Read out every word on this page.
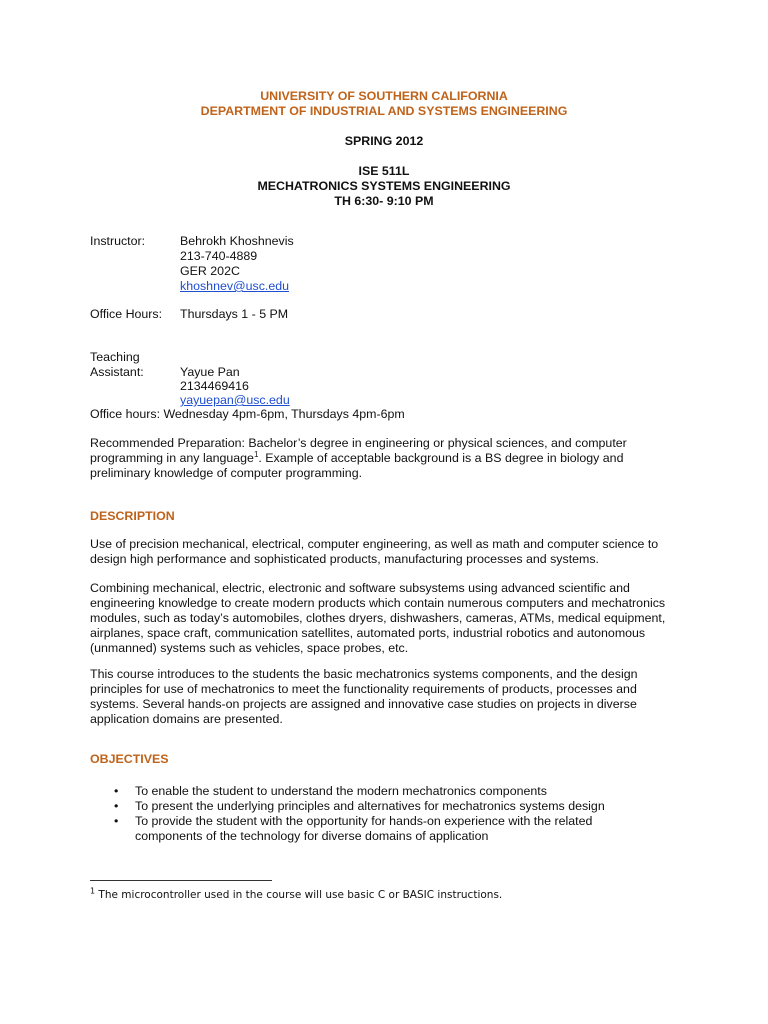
UNIVERSITY OF SOUTHERN CALIFORNIA
DEPARTMENT OF INDUSTRIAL AND SYSTEMS ENGINEERING
SPRING 2012
ISE 511L
MECHATRONICS SYSTEMS ENGINEERING
TH 6:30- 9:10 PM
Instructor:	Behrokh Khoshnevis
213-740-4889
GER 202C
khoshnev@usc.edu
Office Hours: Thursdays 1 - 5 PM
Teaching
Assistant:	Yayue Pan
2134469416
yayuepan@usc.edu
Office hours: Wednesday 4pm-6pm, Thursdays 4pm-6pm
Recommended Preparation: Bachelor’s degree in engineering or physical sciences, and computer
programming in any language$^1$. Example of acceptable background is a BS degree in biology and
preliminary knowledge of computer programming.
DESCRIPTION
Use of precision mechanical, electrical, computer engineering, as well as math and computer science to
design high performance and sophisticated products, manufacturing processes and systems.
Combining mechanical, electric, electronic and software subsystems using advanced scientific and
engineering knowledge to create modern products which contain numerous computers and mechatronics
modules, such as today’s automobiles, clothes dryers, dishwashers, cameras, ATMs, medical equipment,
airplanes, space craft, communication satellites, automated ports, industrial robotics and autonomous
(unmanned) systems such as vehicles, space probes, etc.
This course introduces to the students the basic mechatronics systems components, and the design
principles for use of mechatronics to meet the functionality requirements of products, processes and
systems. Several hands-on projects are assigned and innovative case studies on projects in diverse
application domains are presented.
OBJECTIVES
• To enable the student to understand the modern mechatronics components
• To present the underlying principles and alternatives for mechatronics systems design
• To provide the student with the opportunity for hands-on experience with the related
components of the technology for diverse domains of application
$^1$ The microcontroller used in the course will use basic C or BASIC instructions.
